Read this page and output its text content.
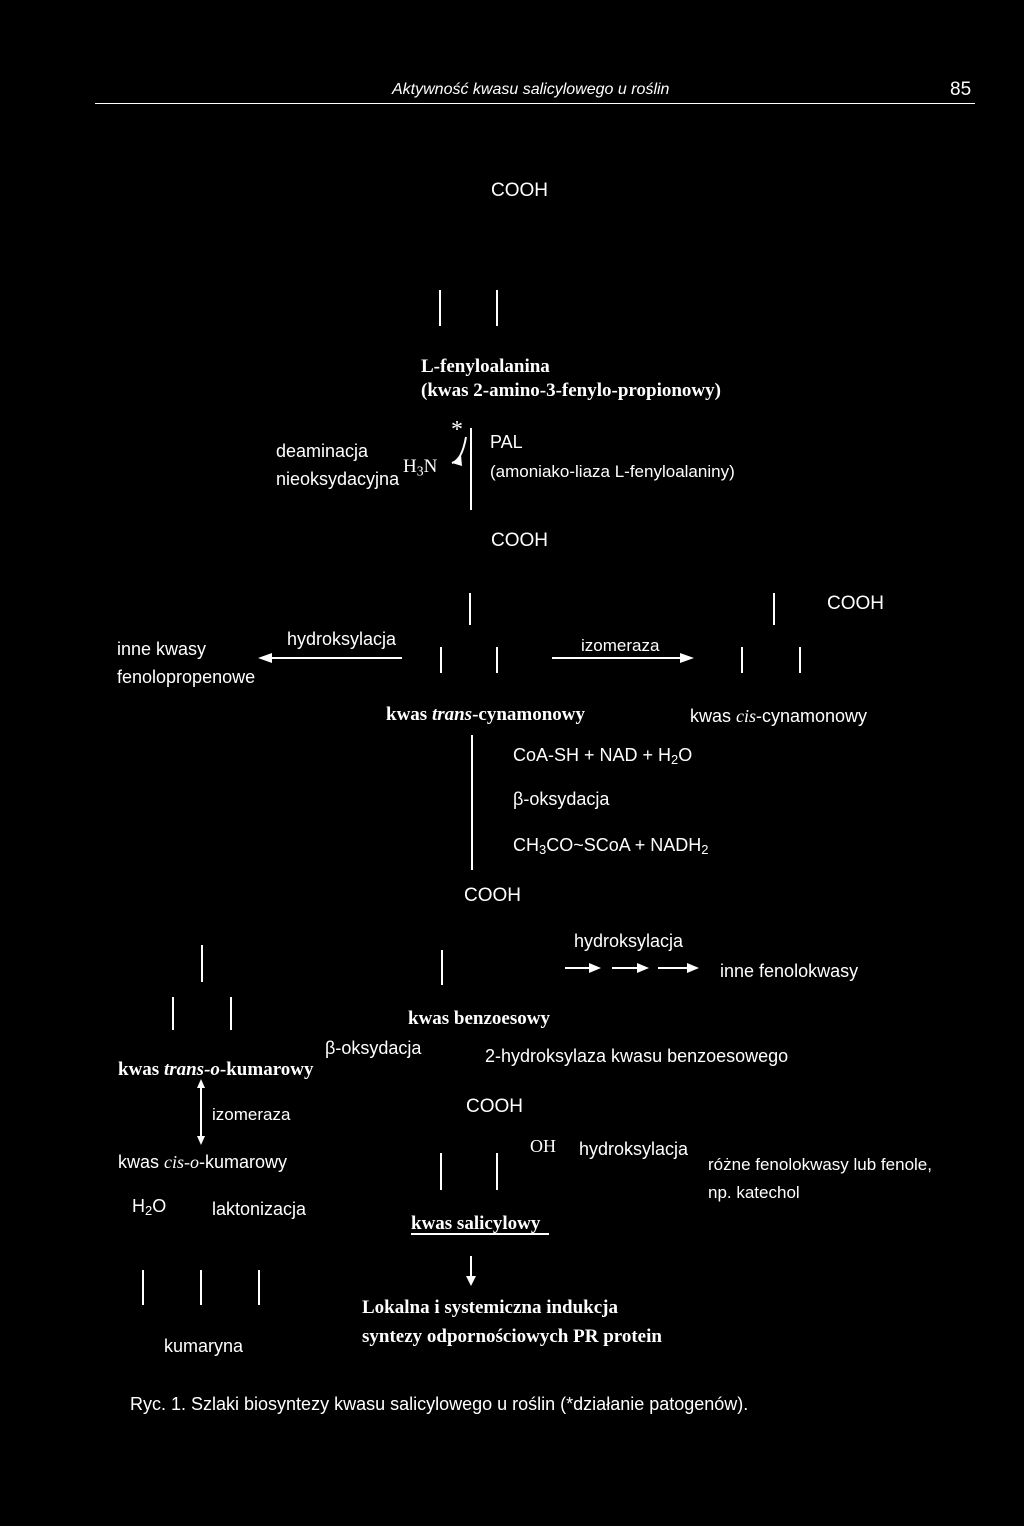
Aktywność kwasu salicylowego u roślin	85
COOH
L-fenyloalanina
(kwas 2-amino-3-fenylo-propionowy)
deaminacja
nieoksydacyjna
*
$H_3N$
PAL
(amoniako-liaza L-fenyloalaniny)
COOH
kwas trans-cynamonowy
COOH
kwas cis-cynamonowy
inne kwasy
fenolopropenowe
hydroksylacja	izomeraza
CoA-SH + NAD + $H_2O$
β-oksydacja
$CH_3CO\sim SCoA$ + $NADH_2$
COOH
kwas benzoesowy
hydroksylacja
inne fenolokwasy
β-oksydacja	2-hydroksylaza kwasu benzoesowego
kwas trans-o-kumarowy
izomeraza
kwas cis-o-kumarowy
$H_2O$	laktonizacja
kumaryna
COOH
OH
kwas salicylowy
hydroksylacja
różne fenolokwasy lub fenole,
np. katechol
Lokalna i systemiczna indukcja
syntezy odpornościowych PR protein
Ryc. 1. Szlaki biosyntezy kwasu salicylowego u roślin (*działanie patogenów).
